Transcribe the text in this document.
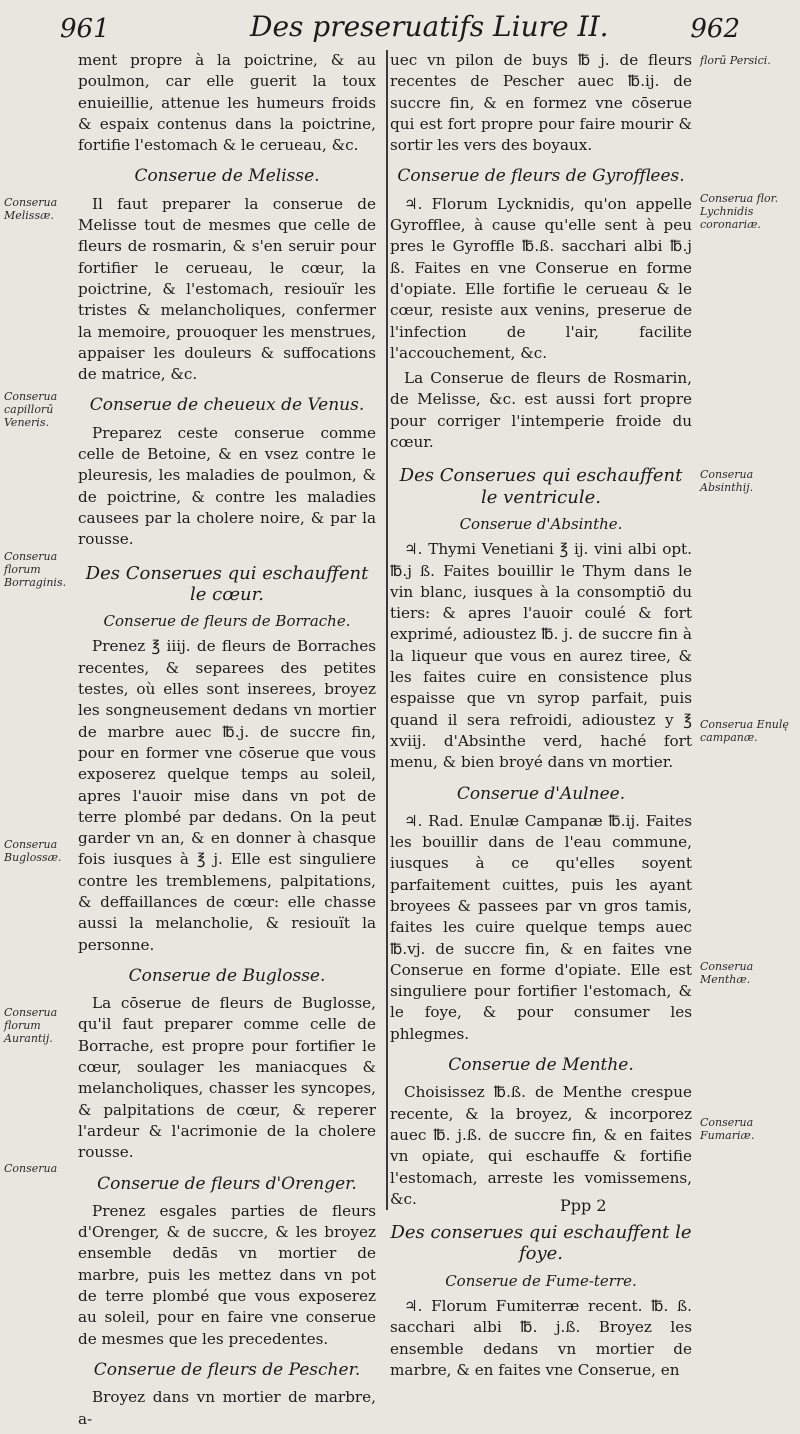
961	Des preseruatifs Liure II.	962

ment propre à la poictrine, & au poulmon, car elle guerit la toux enuieillie, attenue les humeurs froids & espaix contenus dans la poictrine, fortifie l'estomach & le cerueau, &c.

Conserue de Melisse.

Il faut preparer la conserue de Melisse tout de mesmes que celle de fleurs de rosmarin, & s'en seruir pour fortifier le cerueau, le cœur, la poictrine, & l'estomach, resiouïr les tristes & melancholiques, confermer la memoire, prouoquer les menstrues, appaiser les douleurs & suffocations de matrice, &c.

Conserue de cheueux de Venus.

Preparez ceste conserue comme celle de Betoine, & en vsez contre le pleuresis, les maladies de poulmon, & de poictrine, & contre les maladies causees par la cholere noire, & par la rousse.

Des Conserues qui eschauffent le cœur.
Conserue de fleurs de Borrache.

Prenez ℥ iiij. de fleurs de Borraches recentes, & separees des petites testes, où elles sont inserees, broyez les songneusement dedans vn mortier de marbre auec ℔.j. de succre fin, pour en former vne cōserue que vous exposerez quelque temps au soleil, apres l'auoir mise dans vn pot de terre plombé par dedans. On la peut garder vn an, & en donner à chasque fois iusques à ℥ j. Elle est singuliere contre les tremblemens, palpitations, & deffaillances de cœur: elle chasse aussi la melancholie, & resiouït la personne.

Conserue de Buglosse.

La cōserue de fleurs de Buglosse, qu'il faut preparer comme celle de Borrache, est propre pour fortifier le cœur, soulager les maniacques & melancholiques, chasser les syncopes, & palpitations de cœur, & reperer l'ardeur & l'acrimonie de la cholere rousse.

Conserue de fleurs d'Orenger.

Prenez esgales parties de fleurs d'Orenger, & de succre, & les broyez ensemble dedās vn mortier de marbre, puis les mettez dans vn pot de terre plombé que vous exposerez au soleil, pour en faire vne conserue de mesmes que les precedentes.

Conserue de fleurs de Pescher.

Broyez dans vn mortier de marbre, a-

uec vn pilon de buys ℔ j. de fleurs recentes de Pescher auec ℔.ij. de succre fin, & en formez vne cōserue qui est fort propre pour faire mourir & sortir les vers des boyaux.

Conserue de fleurs de Gyrofflees.

♃. Florum Lycknidis, qu'on appelle Gyrofflee, à cause qu'elle sent à peu pres le Gyroffle ℔.ß. sacchari albi ℔.j ß. Faites en vne Conserue en forme d'opiate. Elle fortifie le cerueau & le cœur, resiste aux venins, preserue de l'infection de l'air, facilite l'accouchement, &c.

La Conserue de fleurs de Rosmarin, de Melisse, &c. est aussi fort propre pour corriger l'intemperie froide du cœur.

Des Conserues qui eschauffent le ventricule.
Conserue d'Absinthe.

♃. Thymi Venetiani ℥ ij. vini albi opt. ℔.j ß. Faites bouillir le Thym dans le vin blanc, iusques à la consomptiō du tiers: & apres l'auoir coulé & fort exprimé, adioustez ℔. j. de succre fin à la liqueur que vous en aurez tiree, & les faites cuire en consistence plus espaisse que vn syrop parfait, puis quand il sera refroidi, adioustez y ℥ xviij. d'Absinthe verd, haché fort menu, & bien broyé dans vn mortier.

Conserue d'Aulnee.

♃. Rad. Enulæ Campanæ ℔.ij. Faites les bouillir dans de l'eau commune, iusques à ce qu'elles soyent parfaitement cuittes, puis les ayant broyees & passees par vn gros tamis, faites les cuire quelque temps auec ℔.vj. de succre fin, & en faites vne Conserue en forme d'opiate. Elle est singuliere pour fortifier l'estomach, & le foye, & pour consumer les phlegmes.

Conserue de Menthe.

Choisissez ℔.ß. de Menthe crespue recente, & la broyez, & incorporez auec ℔. j.ß. de succre fin, & en faites vn opiate, qui eschauffe & fortifie l'estomach, arreste les vomissemens, &c.

Des conserues qui eschauffent le foye.
Conserue de Fume-terre.

♃. Florum Fumiterræ recent. ℔. ß. sacchari albi ℔. j.ß. Broyez les ensemble dedans vn mortier de marbre, & en faites vne Conserue, en

Conserua Melissæ.
Conserua capillorū Veneris.
Conserua florum Borraginis.
Conserua Buglossæ.
Conserua florum Aurantij.
Conserua
florū Persici.
Conserua flor. Lychnidis coronariæ.
Conserua Absinthij.
Conserua Enulę campanæ.
Conserua Menthæ.
Conserua Fumariæ.
Ppp 2
